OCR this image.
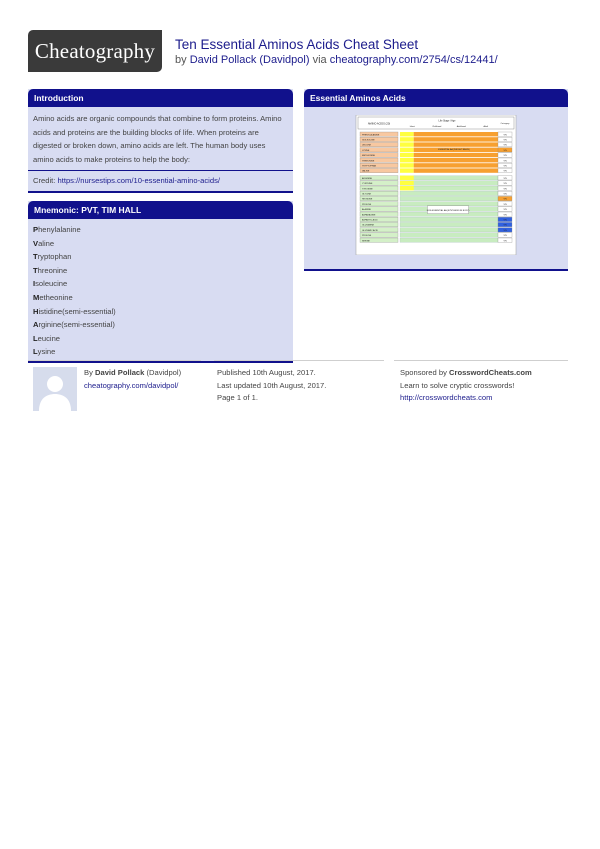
Cheatography	Ten Essential Aminos Acids Cheat Sheet
by David Pollack (Davidpol) via cheatography.com/2754/cs/12441/
Introduction
Amino acids are organic compounds that combine to form proteins. Amino acids and proteins are the building blocks of life. When proteins are digested or broken down, amino acids are left. The human body uses amino acids to make proteins to help the body:
Credit: https://nursestips.com/10-essential-amino-acids/
Mnemonic: PVT, TIM HALL
Phenylalanine
Valine
Tryptophan
Threonine
Isoleucine
Metheonine
Histidine(semi-essential)
Arginine(semi-essential)
Leucine
Lysine
Essential Aminos Acids
AMINO ACIDS (20)
Life Stage / Age
Infant	Childhood	Adulthood	Adult
Cat-egory
PHENYLALANINE	Y/N
ISOLEUCINE	Y/N
LEUCINE	Y/N
LYSINE	Y/N
METHIONINE	Y/N
THREONINE	Y/N
TRYPTOPHAN	Y/N
VALINE	Y/N
ESSENTIAL AA (WEIGHT BASIS)
ARGININE	Y/N
CYSTEINE	Y/N
TYROSINE	Y/N
GLYCINE	Y/N
HISTIDINE	Y/N
PROLINE	Y/N
ALANINE	Y/N
ASPARAGINE	Y/N
ASPARTIC ACID	Y/N
GLUTAMINE	Y/N
GLUTAMIC ACID	Y/N
PROLINE	Y/N
SERINE	Y/N
NON-ESSENTIAL AA (SYNTHESIS IN BODY)
By David Pollack (Davidpol)
cheatography.com/davidpol/
Published 10th August, 2017.
Last updated 10th August, 2017.
Page 1 of 1.
Sponsored by CrosswordCheats.com
Learn to solve cryptic crosswords!
http://crosswordcheats.com
